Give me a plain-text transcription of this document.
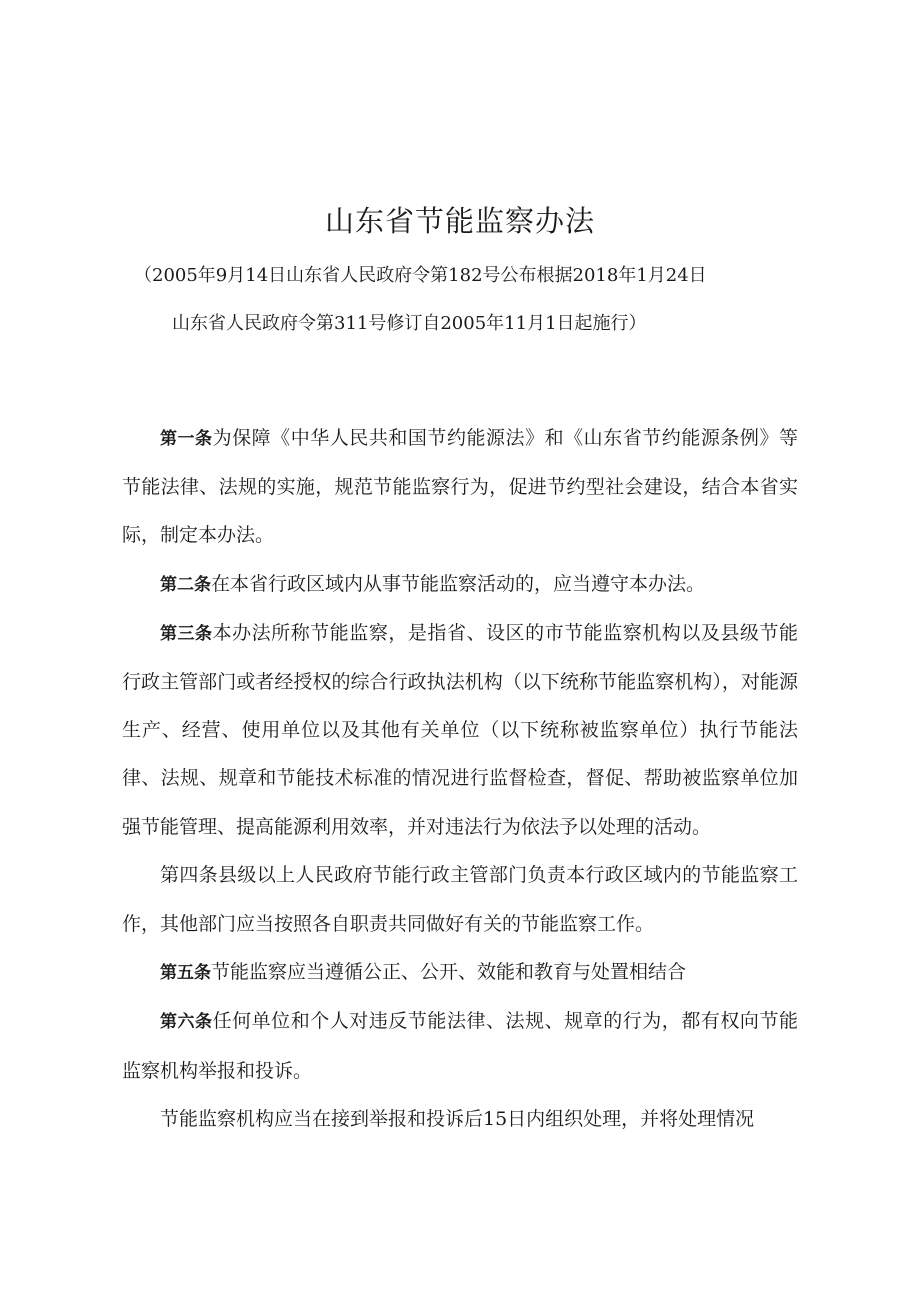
山东省节能监察办法
（2005年9月14日山东省人民政府令第182号公布根据2018年1月24日
山东省人民政府令第311号修订自2005年11月1日起施行）

第一条为保障《中华人民共和国节约能源法》和《山东省节约能源条例》等节能法律、法规的实施，规范节能监察行为，促进节约型社会建设，结合本省实际，制定本办法。

第二条在本省行政区域内从事节能监察活动的，应当遵守本办法。

第三条本办法所称节能监察，是指省、设区的市节能监察机构以及县级节能行政主管部门或者经授权的综合行政执法机构（以下统称节能监察机构），对能源生产、经营、使用单位以及其他有关单位（以下统称被监察单位）执行节能法律、法规、规章和节能技术标准的情况进行监督检查，督促、帮助被监察单位加强节能管理、提高能源利用效率，并对违法行为依法予以处理的活动。

第四条县级以上人民政府节能行政主管部门负责本行政区域内的节能监察工作，其他部门应当按照各自职责共同做好有关的节能监察工作。

第五条节能监察应当遵循公正、公开、效能和教育与处置相结合

第六条任何单位和个人对违反节能法律、法规、规章的行为，都有权向节能监察机构举报和投诉。

节能监察机构应当在接到举报和投诉后15日内组织处理，并将处理情况
